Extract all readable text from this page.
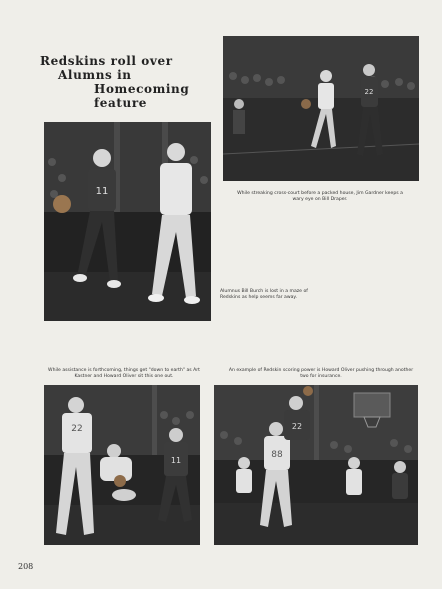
Redskins roll over
Alumns in
Homecoming feature
22
While streaking cross-court before a packed house, Jim Gardner keeps a wary eye on Bill Draper.
11
Alumnus Bill Burch is lost in a maze of Redskins as help seems far away.
While assistance is forthcoming, things get "down to earth" as Art Kastner and Howard Oliver sit this one out.
An example of Redskin scoring power is Howard Oliver pushing through another two for insurance.
22
11
88
22
208
